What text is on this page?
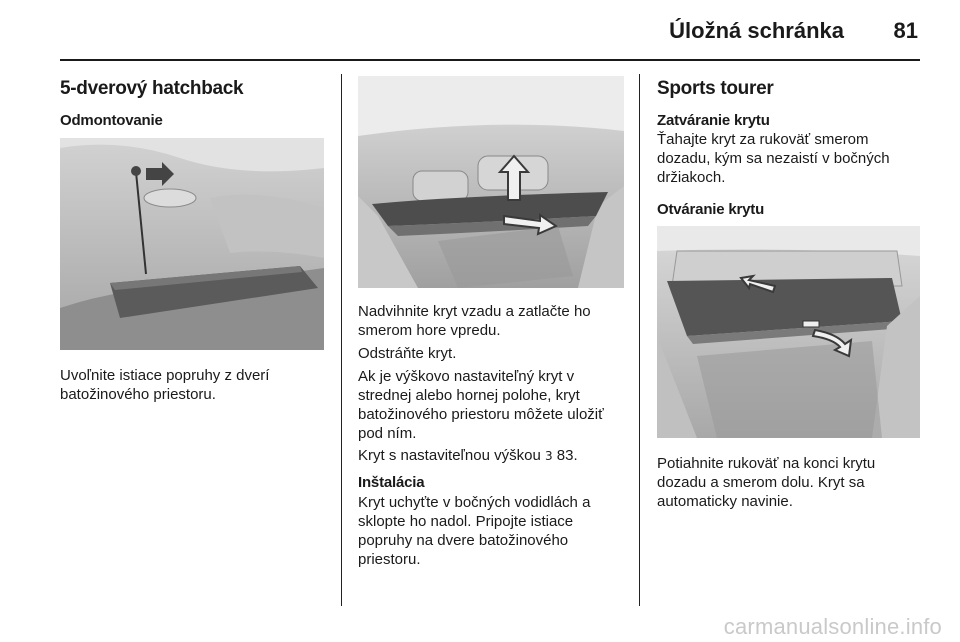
Úložná schránka 81
5-dverový hatchback
Odmontovanie

Uvoľnite istiace popruhy z dverí batožinového priestoru.

Nadvihnite kryt vzadu a zatlačte ho smerom hore vpredu.

Odstráňte kryt.

Ak je výškovo nastaviteľný kryt v strednej alebo hornej polohe, kryt batožinového priestoru môžete uložiť pod ním.

Kryt s nastaviteľnou výškou 3 83.

Inštalácia

Kryt uchyťte v bočných vodidlách a sklopte ho nadol. Pripojte istiace popruhy na dvere batožinového priestoru.

Sports tourer
Zatváranie krytu

Ťahajte kryt za rukoväť smerom dozadu, kým sa nezaistí v bočných držiakoch.

Otváranie krytu

Potiahnite rukoväť na konci krytu dozadu a smerom dolu. Kryt sa automaticky navinie.

carmanualsonline.info
